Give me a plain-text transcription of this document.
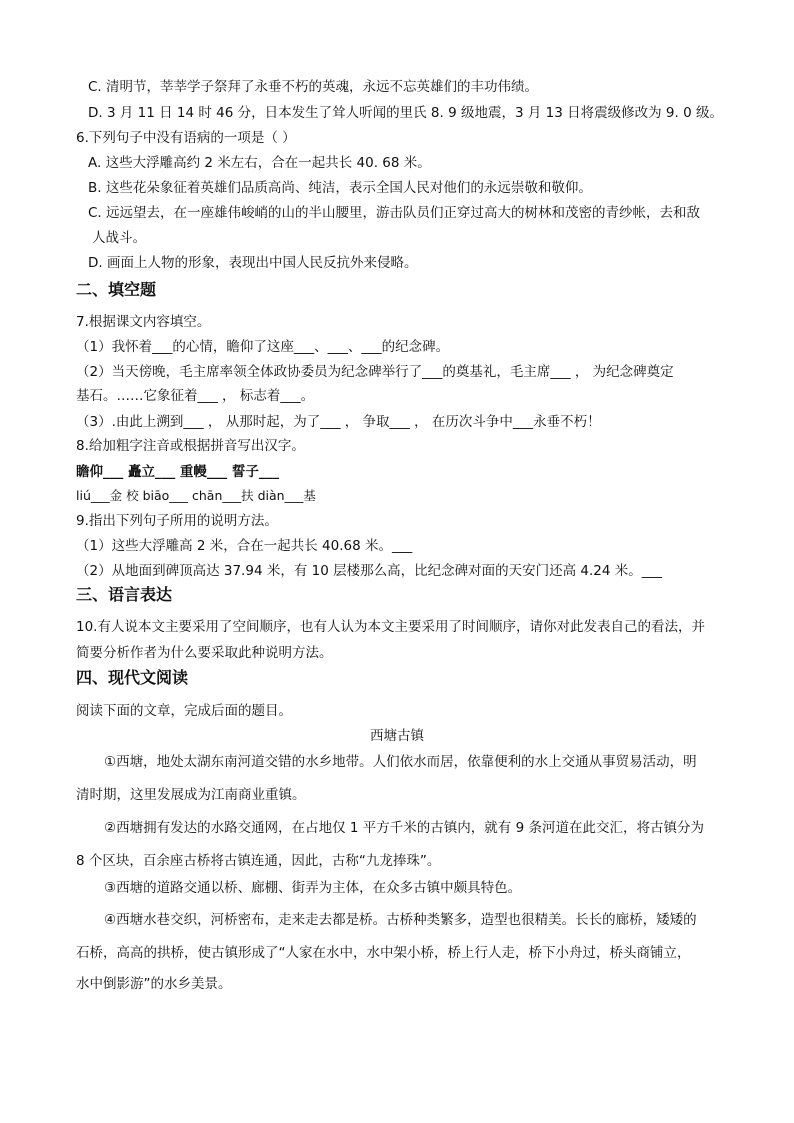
C. 清明节，莘莘学子祭拜了永垂不朽的英魂，永远不忘英雄们的丰功伟绩。
D. 3 月 11 日 14 时 46 分，日本发生了耸人听闻的里氏 8. 9 级地震，3 月 13 日将震级修改为 9. 0 级。
6.下列句子中没有语病的一项是（ ）
A. 这些大浮雕高约 2 米左右，合在一起共长 40. 68 米。
B. 这些花朵象征着英雄们品质高尚、纯洁，表示全国人民对他们的永远崇敬和敬仰。
C. 远远望去，在一座雄伟峻峭的山的半山腰里，游击队员们正穿过高大的树林和茂密的青纱帐，去和敌
人战斗。
D. 画面上人物的形象，表现出中国人民反抗外来侵略。
二、填空题
7.根据课文内容填空。
（1）我怀着___的心情，瞻仰了这座___、___、___的纪念碑。
（2）当天傍晚，毛主席率领全体政协委员为纪念碑举行了___的奠基礼，毛主席___ ， 为纪念碑奠定
基石。……它象征着___ ， 标志着___。
（3）.由此上溯到___ ， 从那时起，为了___ ， 争取___ ， 在历次斗争中___永垂不朽！
8.给加粗字注音或根据拼音写出汉字。
瞻仰___ 矗立___ 重幔___ 誓子___
liú___金 校 biāo___ chān___扶 diàn___基
9.指出下列句子所用的说明方法。
（1）这些大浮雕高 2 米，合在一起共长 40.68 米。___
（2）从地面到碑顶高达 37.94 米，有 10 层楼那么高，比纪念碑对面的天安门还高 4.24 米。___
三、语言表达
10.有人说本文主要采用了空间顺序，也有人认为本文主要采用了时间顺序，请你对此发表自己的看法，并
简要分析作者为什么要采取此种说明方法。
四、现代文阅读
阅读下面的文章，完成后面的题目。
西塘古镇
①西塘，地处太湖东南河道交错的水乡地带。人们依水而居，依靠便利的水上交通从事贸易活动，明
清时期，这里发展成为江南商业重镇。
②西塘拥有发达的水路交通网，在占地仅 1 平方千米的古镇内，就有 9 条河道在此交汇，将古镇分为
8 个区块，百余座古桥将古镇连通，因此，古称“九龙捧珠”。
③西塘的道路交通以桥、廊棚、街弄为主体，在众多古镇中颇具特色。
④西塘水巷交织，河桥密布，走来走去都是桥。古桥种类繁多，造型也很精美。长长的廊桥，矮矮的
石桥，高高的拱桥，使古镇形成了“人家在水中，水中架小桥，桥上行人走，桥下小舟过，桥头商铺立，
水中倒影游”的水乡美景。
